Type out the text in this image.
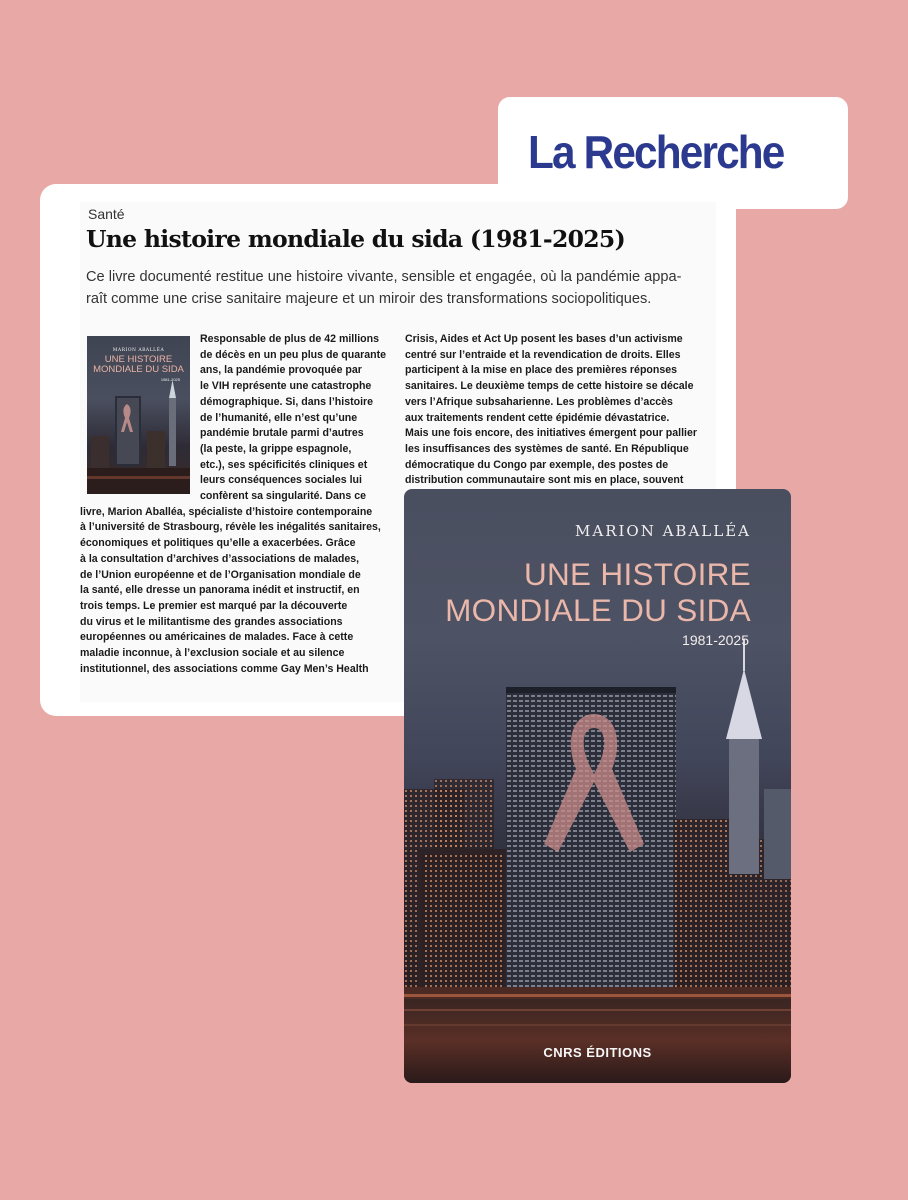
La Recherche
Santé
Une histoire mondiale du sida (1981-2025)
Ce livre documenté restitue une histoire vivante, sensible et engagée, où la pandémie appa-
raît comme une crise sanitaire majeure et un miroir des transformations sociopolitiques.
MARION ABALLÉA
UNE HISTOIRE
MONDIALE DU SIDA
1981-2025
Responsable de plus de 42 millions
de décès en un peu plus de quarante
ans, la pandémie provoquée par
le VIH représente une catastrophe
démographique. Si, dans l’histoire
de l’humanité, elle n’est qu’une
pandémie brutale parmi d’autres
(la peste, la grippe espagnole,
etc.), ses spécificités cliniques et
leurs conséquences sociales lui
confèrent sa singularité. Dans ce
livre, Marion Aballéa, spécialiste d’histoire contemporaine
à l’université de Strasbourg, révèle les inégalités sanitaires,
économiques et politiques qu’elle a exacerbées. Grâce
à la consultation d’archives d’associations de malades,
de l’Union européenne et de l’Organisation mondiale de
la santé, elle dresse un panorama inédit et instructif, en
trois temps. Le premier est marqué par la découverte
du virus et le militantisme des grandes associations
européennes ou américaines de malades. Face à cette
maladie inconnue, à l’exclusion sociale et au silence
institutionnel, des associations comme Gay Men’s Health
Crisis, Aides et Act Up posent les bases d’un activisme
centré sur l’entraide et la revendication de droits. Elles
participent à la mise en place des premières réponses
sanitaires. Le deuxième temps de cette histoire se décale
vers l’Afrique subsaharienne. Les problèmes d’accès
aux traitements rendent cette épidémie dévastatrice.
Mais une fois encore, des initiatives émergent pour pallier
les insuffisances des systèmes de santé. En République
démocratique du Congo par exemple, des postes de
distribution communautaire sont mis en place, souvent
MARION ABALLÉA
UNE HISTOIRE
MONDIALE DU SIDA
1981-2025
CNRS ÉDITIONS
